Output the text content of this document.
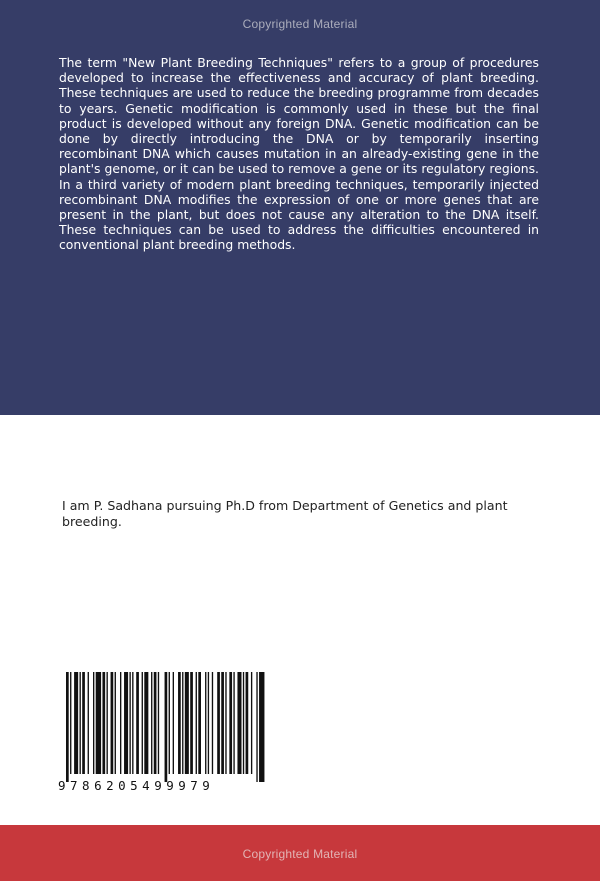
Copyrighted Material

The term "New Plant Breeding Techniques" refers to a group of procedures developed to increase the effectiveness and accuracy of plant breeding. These techniques are used to reduce the breeding programme from decades to years. Genetic modification is commonly used in these but the final product is developed without any foreign DNA. Genetic modification can be done by directly introducing the DNA or by temporarily inserting recombinant DNA which causes mutation in an already-existing gene in the plant's genome, or it can be used to remove a gene or its regulatory regions. In a third variety of modern plant breeding techniques, temporarily injected recombinant DNA modifies the expression of one or more genes that are present in the plant, but does not cause any alteration to the DNA itself. These techniques can be used to address the difficulties encountered in conventional plant breeding methods.

I am P. Sadhana pursuing Ph.D from Department of Genetics and plant breeding.

9786205499979
Copyrighted Material
